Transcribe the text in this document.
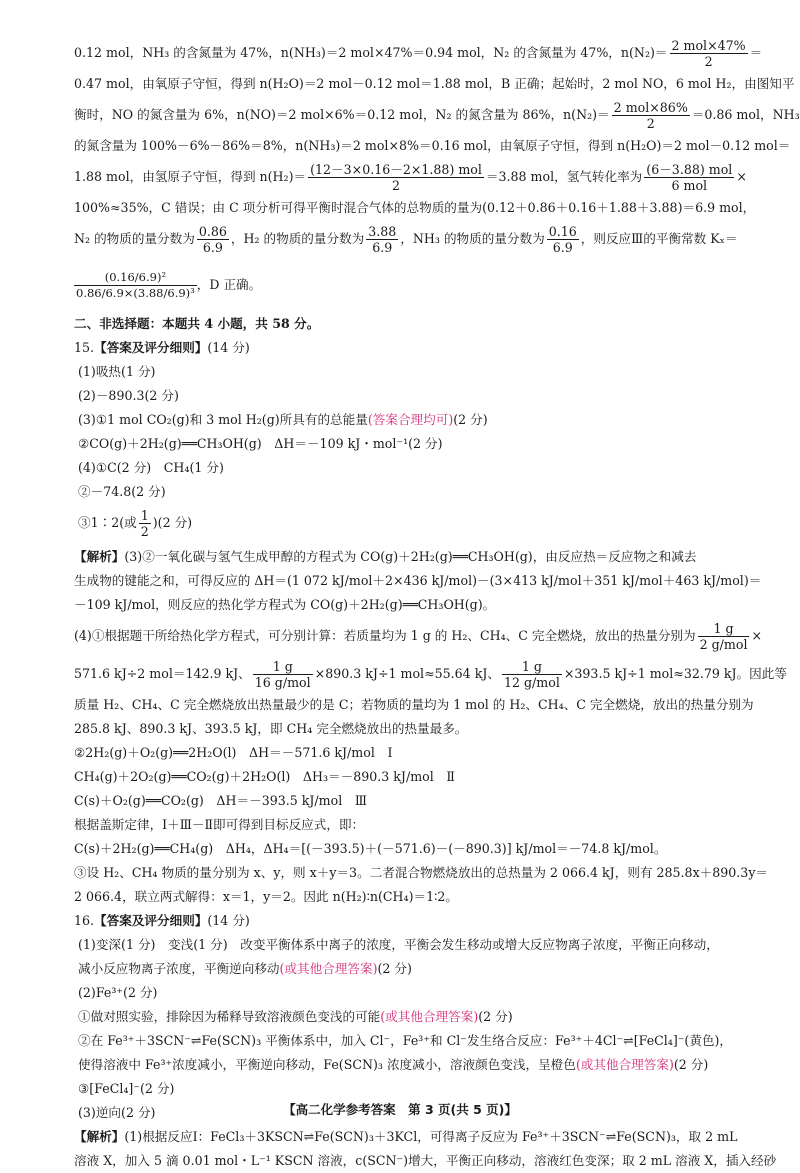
0.12 mol，NH₃ 的含氮量为 47%，n(NH₃)＝2 mol×47%＝0.94 mol，N₂ 的含氮量为 47%，$n(N_2)= \frac{\text{2 mol×47\%}}{2}$ ＝
0.47 mol，由氧原子守恒，得到 n(H₂O)＝2 mol－0.12 mol＝1.88 mol，B 正确；起始时，2 mol NO，6 mol H₂，由图知平
衡时，NO 的氮含量为 6%，n(NO)＝2 mol×6%＝0.12 mol，N₂ 的氮含量为 86%，$n(N_2)= \frac{\text{2 mol×86\%}}{2} =0.86$ mol，NH₃
的氮含量为 100%－6%－86%＝8%，n(NH₃)＝2 mol×8%＝0.16 mol，由氧原子守恒，得到 n(H₂O)＝2 mol－0.12 mol＝
1.88 mol，由氢原子守恒，得到 $n(H_2)= \frac{\text{(12－3×0.16－2×1.88) mol}}{2} =3.88$ mol，氢气转化率为 $\frac{\text{(6－3.88) mol}}{\text{6 mol}}$ ×
100%≈35%，C 错误；由 C 项分析可得平衡时混合气体的总物质的量为(0.12＋0.86＋0.16＋1.88＋3.88)＝6.9 mol，
N₂ 的物质的量分数为 $\frac{0.86}{6.9}$ ，H₂ 的物质的量分数为 $\frac{3.88}{6.9}$ ，NH₃ 的物质的量分数为 $\frac{0.16}{6.9}$ ，则反应Ⅲ的平衡常数 Kₓ＝
$\frac{\text{(0.16/6.9)²}}{\text{0.86/6.9×(3.88/6.9)³}}$ ，D 正确。
二、非选择题：本题共 4 小题，共 58 分。
15.【答案及评分细则】(14 分)
(1)吸热(1 分)
(2)－890.3(2 分)
(3)①1 mol CO₂(g)和 3 mol H₂(g)所具有的总能量(答案合理均可)(2 分)
②CO(g)＋2H₂(g)══CH₃OH(g)　ΔH＝－109 kJ・mol⁻¹(2 分)
(4)①C(2 分)　CH₄(1 分)
②－74.8(2 分)
③1∶2(或 $\frac{1}{2} )(2$ 分)
【解析】(3)②一氧化碳与氢气生成甲醇的方程式为 CO(g)＋2H₂(g)══CH₃OH(g)，由反应热＝反应物之和减去
生成物的键能之和，可得反应的 ΔH＝(1 072 kJ/mol＋2×436 kJ/mol)－(3×413 kJ/mol＋351 kJ/mol＋463 kJ/mol)＝
－109 kJ/mol，则反应的热化学方程式为 CO(g)＋2H₂(g)══CH₃OH(g)。
(4)①根据题干所给热化学方程式，可分别计算：若质量均为 1 g 的 H₂、CH₄、C 完全燃烧，放出的热量分别为 $\frac{1 g}{\text{2 g/mol}}$ ×
571.6 kJ÷2 mol＝142.9 kJ、 $\frac{1 g}{\text{16 g/mol}} \times 890.3$ kJ÷1 mol≈55.64 kJ、 $\frac{1 g}{\text{12 g/mol}} \times 393.5$ kJ÷1 mol≈32.79 kJ。因此等
质量 H₂、CH₄、C 完全燃烧放出热量最少的是 C；若物质的量均为 1 mol 的 H₂、CH₄、C 完全燃烧，放出的热量分别为
285.8 kJ、890.3 kJ、393.5 kJ，即 CH₄ 完全燃烧放出的热量最多。
②2H₂(g)＋O₂(g)══2H₂O(l)　ΔH＝－571.6 kJ/mol　Ⅰ
CH₄(g)＋2O₂(g)══CO₂(g)＋2H₂O(l)　ΔH₃＝－890.3 kJ/mol　Ⅱ
C(s)＋O₂(g)══CO₂(g)　ΔH＝－393.5 kJ/mol　Ⅲ
根据盖斯定律，Ⅰ＋Ⅲ－Ⅱ即可得到目标反应式，即：
C(s)＋2H₂(g)══CH₄(g)　ΔH₄，ΔH₄＝[(－393.5)＋(－571.6)－(－890.3)] kJ/mol＝－74.8 kJ/mol。
③设 H₂、CH₄ 物质的量分别为 x、y，则 x＋y＝3。二者混合物燃烧放出的总热量为 2 066.4 kJ，则有 285.8x＋890.3y＝
2 066.4，联立两式解得：x＝1，y＝2。因此 n(H₂)∶n(CH₄)＝1∶2。
16.【答案及评分细则】(14 分)
(1)变深(1 分)　变浅(1 分)　改变平衡体系中离子的浓度，平衡会发生移动或增大反应物离子浓度，平衡正向移动，
减小反应物离子浓度，平衡逆向移动(或其他合理答案)(2 分)
(2)Fe³⁺(2 分)
①做对照实验，排除因为稀释导致溶液颜色变浅的可能(或其他合理答案)(2 分)
②在 Fe³⁺＋3SCN⁻⇌Fe(SCN)₃ 平衡体系中，加入 Cl⁻，Fe³⁺和 Cl⁻发生络合反应：Fe³⁺＋4Cl⁻⇌[FeCl₄]⁻(黄色)，
使得溶液中 Fe³⁺浓度减小，平衡逆向移动，Fe(SCN)₃ 浓度减小，溶液颜色变浅，呈橙色(或其他合理答案)(2 分)
③[FeCl₄]⁻(2 分)
(3)逆向(2 分)
【解析】(1)根据反应Ⅰ：FeCl₃＋3KSCN⇌Fe(SCN)₃＋3KCl，可得离子反应为 Fe³⁺＋3SCN⁻⇌Fe(SCN)₃，取 2 mL
溶液 X，加入 5 滴 0.01 mol・L⁻¹ KSCN 溶液，c(SCN⁻)增大，平衡正向移动，溶液红色变深；取 2 mL 溶液 X，插入经砂
【高二化学参考答案　第 3 页(共 5 页)】
